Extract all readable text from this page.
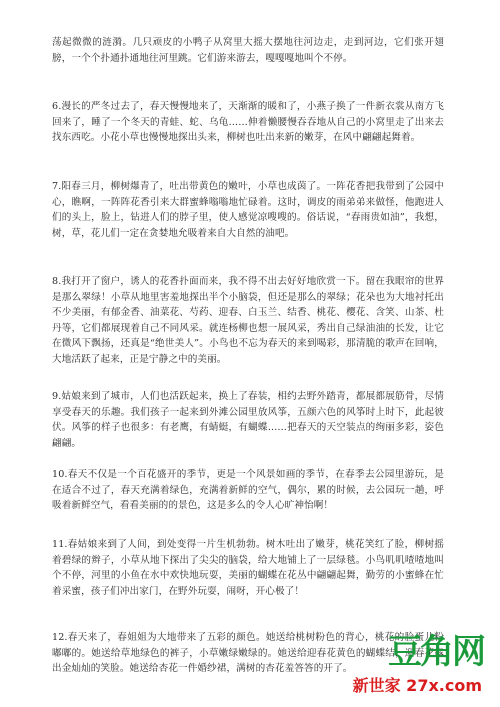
荡起微微的涟漪。几只顽皮的小鸭子从窝里大摇大摆地往河边走，走到河边，它们张开翅膀，一个个扑通扑通地往河里跳。它们游来游去，嘎嘎嘎地叫个不停。

6.漫长的严冬过去了，春天慢慢地来了，天渐渐的暖和了，小燕子换了一件新衣裳从南方飞回来了，睡了一个冬天的青蛙、蛇、乌龟……伸着懒腰慢吞吞地从自己的小窝里走了出来去找东西吃。小花小草也慢慢地探出头来，柳树也吐出来新的嫩芽，在风中翩翩起舞着。

7.阳春三月，柳树爆青了，吐出带黄色的嫩叶，小草也成茵了。一阵花香把我带到了公园中心，瞧啊，一阵阵花香引来大群蜜蜂嗡嗡地忙碌着。这时，调皮的雨弟弟来做怪，他跑进人们的头上，脸上，钻进人们的脖子里，使人感觉凉嗖嗖的。俗话说，“春雨贵如油”，我想，树，草，花儿们一定在贪婪地允吸着来自大自然的油吧。

8.我打开了窗户，诱人的花香扑面而来，我不得不出去好好地欣赏一下。留在我眼帘的世界是那么翠绿！小草从地里害羞地探出半个小脑袋，但还是那么的翠绿；花朵也为大地衬托出不少美丽，有郁金香、油菜花、芍药、迎春、白玉兰、结香、桃花、樱花、含笑、山茶、杜丹等，它们都展现着自己不同风采。就连杨柳也想一展风采，秀出自己绿油油的长发，让它在微风下飘扬，还真是“绝世美人”。小鸟也不忘为春天的来到喝彩，那清脆的歌声在回响，大地活跃了起来，正是宁静之中的美丽。

9.姑娘来到了城市，人们也活跃起来，换上了春装，相约去野外踏青，都展都展筋骨，尽情享受春天的乐趣。我们孩子一起来到外滩公园里放风筝，五颜六色的风筝时上时下，此起彼伏。风筝的样子也很多：有老鹰，有蜻蜓，有蝴蝶……把春天的天空装点的绚丽多彩，姿色翩翩。

10.春天不仅是一个百花盛开的季节，更是一个风景如画的季节，在春季去公园里游玩，是在适合不过了，春天充满着绿色，充满着新鲜的空气，偶尔，累的时候，去公园玩一趟，呼吸着新鲜空气，看看美丽的的景色，这是多么的令人心旷神怡啊！

11.春姑娘来到了人间，到处变得一片生机勃勃。树木吐出了嫩芽，桃花笑红了脸，柳树摇着碧绿的辫子，小草从地下探出了尖尖的脑袋，给大地铺上了一层绿毯。小鸟叽叽喳喳地叫个不停，河里的小鱼在水中欢快地玩耍，美丽的蝴蝶在花丛中翩翩起舞，勤劳的小蜜蜂在忙着采蜜，孩子们冲出家门，在野外玩耍，闹呀，开心极了！

12.春天来了，春姐姐为大地带来了五彩的颜色。她送给桃树粉色的背心，桃花的脸蛋儿粉嘟嘟的。她送给草地绿色的裤子，小草嫩绿嫩绿的。她送给迎春花黄色的蝴蝶结，迎春花露出金灿灿的笑脸。她送给杏花一件婚纱裙，满树的杏花羞答答的开了。	豆角网
新世家 27x.com
